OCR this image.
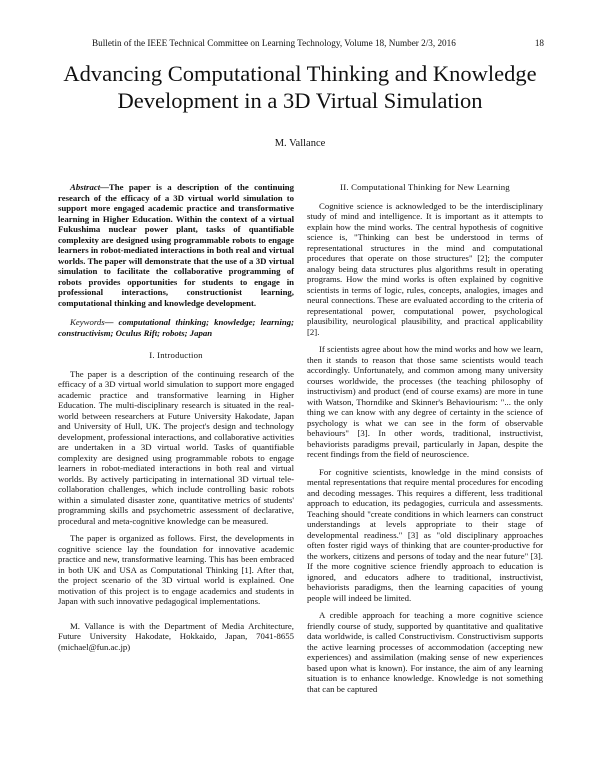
Bulletin of the IEEE Technical Committee on Learning Technology, Volume 18, Number 2/3, 2016	18
Advancing Computational Thinking and Knowledge Development in a 3D Virtual Simulation
M. Vallance

Abstract—The paper is a description of the continuing research of the efficacy of a 3D virtual world simulation to support more engaged academic practice and transformative learning in Higher Education. Within the context of a virtual Fukushima nuclear power plant, tasks of quantifiable complexity are designed using programmable robots to engage learners in robot-mediated interactions in both real and virtual worlds. The paper will demonstrate that the use of a 3D virtual simulation to facilitate the collaborative programming of robots provides opportunities for students to engage in professional interactions, constructionist learning, computational thinking and knowledge development.

Keywords— computational thinking; knowledge; learning; constructivism; Oculus Rift; robots; Japan

I. Introduction

The paper is a description of the continuing research of the efficacy of a 3D virtual world simulation to support more engaged academic practice and transformative learning in Higher Education. The multi-disciplinary research is situated in the real-world between researchers at Future University Hakodate, Japan and University of Hull, UK. The project's design and technology development, professional interactions, and collaborative activities are undertaken in a 3D virtual world. Tasks of quantifiable complexity are designed using programmable robots to engage learners in robot-mediated interactions in both real and virtual worlds. By actively participating in international 3D virtual tele-collaboration challenges, which include controlling basic robots within a simulated disaster zone, quantitative metrics of students' programming skills and psychometric assessment of declarative, procedural and meta-cognitive knowledge can be measured.

The paper is organized as follows. First, the developments in cognitive science lay the foundation for innovative academic practice and new, transformative learning. This has been embraced in both UK and USA as Computational Thinking [1]. After that, the project scenario of the 3D virtual world is explained. One motivation of this project is to engage academics and students in Japan with such innovative pedagogical implementations.

M. Vallance is with the Department of Media Architecture, Future University Hakodate, Hokkaido, Japan, 7041-8655 (michael@fun.ac.jp)

II. Computational Thinking for New Learning

Cognitive science is acknowledged to be the interdisciplinary study of mind and intelligence. It is important as it attempts to explain how the mind works. The central hypothesis of cognitive science is, "Thinking can best be understood in terms of representational structures in the mind and computational procedures that operate on those structures" [2]; the computer analogy being data structures plus algorithms result in operating programs. How the mind works is often explained by cognitive scientists in terms of logic, rules, concepts, analogies, images and neural connections. These are evaluated according to the criteria of representational power, computational power, psychological plausibility, neurological plausibility, and practical applicability [2].

If scientists agree about how the mind works and how we learn, then it stands to reason that those same scientists would teach accordingly. Unfortunately, and common among many university courses worldwide, the processes (the teaching philosophy of instructivism) and product (end of course exams) are more in tune with Watson, Thorndike and Skinner's Behaviourism: "... the only thing we can know with any degree of certainty in the science of psychology is what we can see in the form of observable behaviours" [3]. In other words, traditional, instructivist, behaviorists paradigms prevail, particularly in Japan, despite the recent findings from the field of neuroscience.

For cognitive scientists, knowledge in the mind consists of mental representations that require mental procedures for encoding and decoding messages. This requires a different, less traditional approach to education, its pedagogies, curricula and assessments. Teaching should "create conditions in which learners can construct understandings at levels appropriate to their stage of developmental readiness." [3] as "old disciplinary approaches often foster rigid ways of thinking that are counter-productive for the workers, citizens and persons of today and the near future" [3]. If the more cognitive science friendly approach to education is ignored, and educators adhere to traditional, instructivist, behaviorists paradigms, then the learning capacities of young people will indeed be limited.

A credible approach for teaching a more cognitive science friendly course of study, supported by quantitative and qualitative data worldwide, is called Constructivism. Constructivism supports the active learning processes of accommodation (accepting new experiences) and assimilation (making sense of new experiences based upon what is known). For instance, the aim of any learning situation is to enhance knowledge. Knowledge is not something that can be captured
